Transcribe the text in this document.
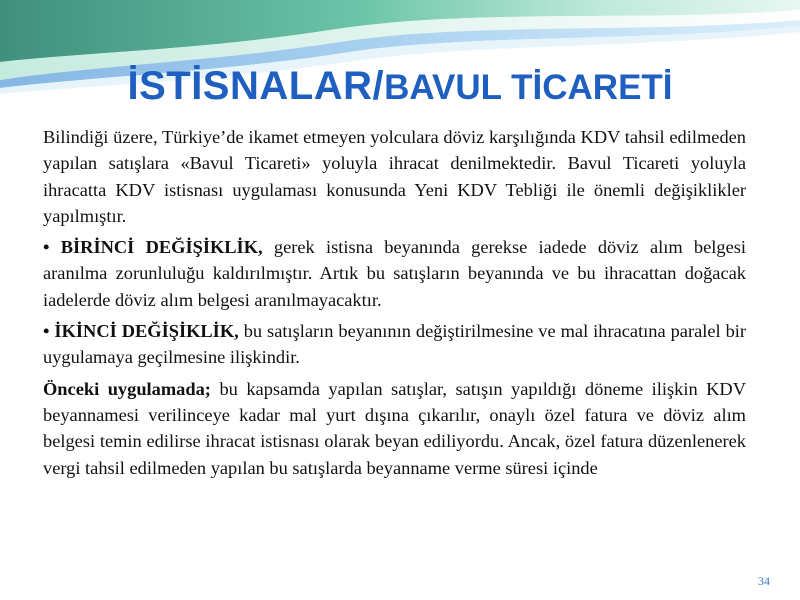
İSTİSNALAR/BAVUL TİCARETİ

Bilindiği üzere, Türkiye’de ikamet etmeyen yolculara döviz karşılığında KDV tahsil edilmeden yapılan satışlara «Bavul Ticareti» yoluyla ihracat denilmektedir. Bavul Ticareti yoluyla ihracatta KDV istisnası uygulaması konusunda Yeni KDV Tebliği ile önemli değişiklikler yapılmıştır.

• BİRİNCİ DEĞİŞİKLİK, gerek istisna beyanında gerekse iadede döviz alım belgesi aranılma zorunluluğu kaldırılmıştır. Artık bu satışların beyanında ve bu ihracattan doğacak iadelerde döviz alım belgesi aranılmayacaktır.

• İKİNCİ DEĞİŞİKLİK, bu satışların beyanının değiştirilmesine ve mal ihracatına paralel bir uygulamaya geçilmesine ilişkindir.

Önceki uygulamada; bu kapsamda yapılan satışlar, satışın yapıldığı döneme ilişkin KDV beyannamesi verilinceye kadar mal yurt dışına çıkarılır, onaylı özel fatura ve döviz alım belgesi temin edilirse ihracat istisnası olarak beyan ediliyordu. Ancak, özel fatura düzenlenerek vergi tahsil edilmeden yapılan bu satışlarda beyanname verme süresi içinde

34
